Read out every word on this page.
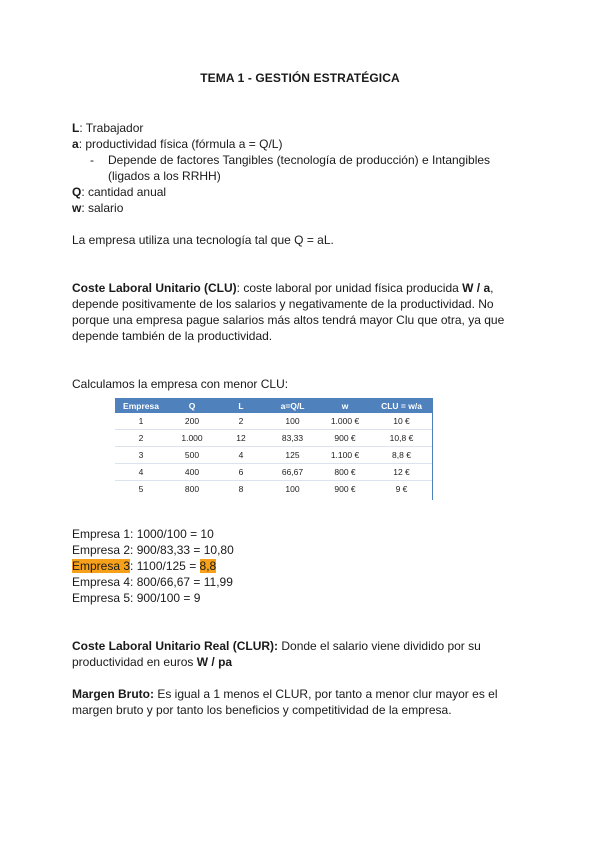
TEMA 1 - GESTIÓN ESTRATÉGICA
L: Trabajador
a: productividad física (fórmula a = Q/L)
- Depende de factores Tangibles (tecnología de producción) e Intangibles (ligados a los RRHH)
Q: cantidad anual
w: salario
La empresa utiliza una tecnología tal que Q = aL.
Coste Laboral Unitario (CLU): coste laboral por unidad física producida W / a, depende positivamente de los salarios y negativamente de la productividad. No porque una empresa pague salarios más altos tendrá mayor Clu que otra, ya que depende también de la productividad.
Calculamos la empresa con menor CLU:
Empresa	Q	L	a=Q/L	w	CLU = w/a
1	200	2	100	1.000 €	10 €
2	1.000	12	83,33	900 €	10,8 €
3	500	4	125	1.100 €	8,8 €
4	400	6	66,67	800 €	12 €
5	800	8	100	900 €	9 €
Empresa 1: 1000/100 = 10
Empresa 2: 900/83,33 = 10,80
Empresa 3: 1100/125 = 8,8
Empresa 4: 800/66,67 = 11,99
Empresa 5: 900/100 = 9
Coste Laboral Unitario Real (CLUR): Donde el salario viene dividido por su productividad en euros W / pa
Margen Bruto: Es igual a 1 menos el CLUR, por tanto a menor clur mayor es el margen bruto y por tanto los beneficios y competitividad de la empresa.
